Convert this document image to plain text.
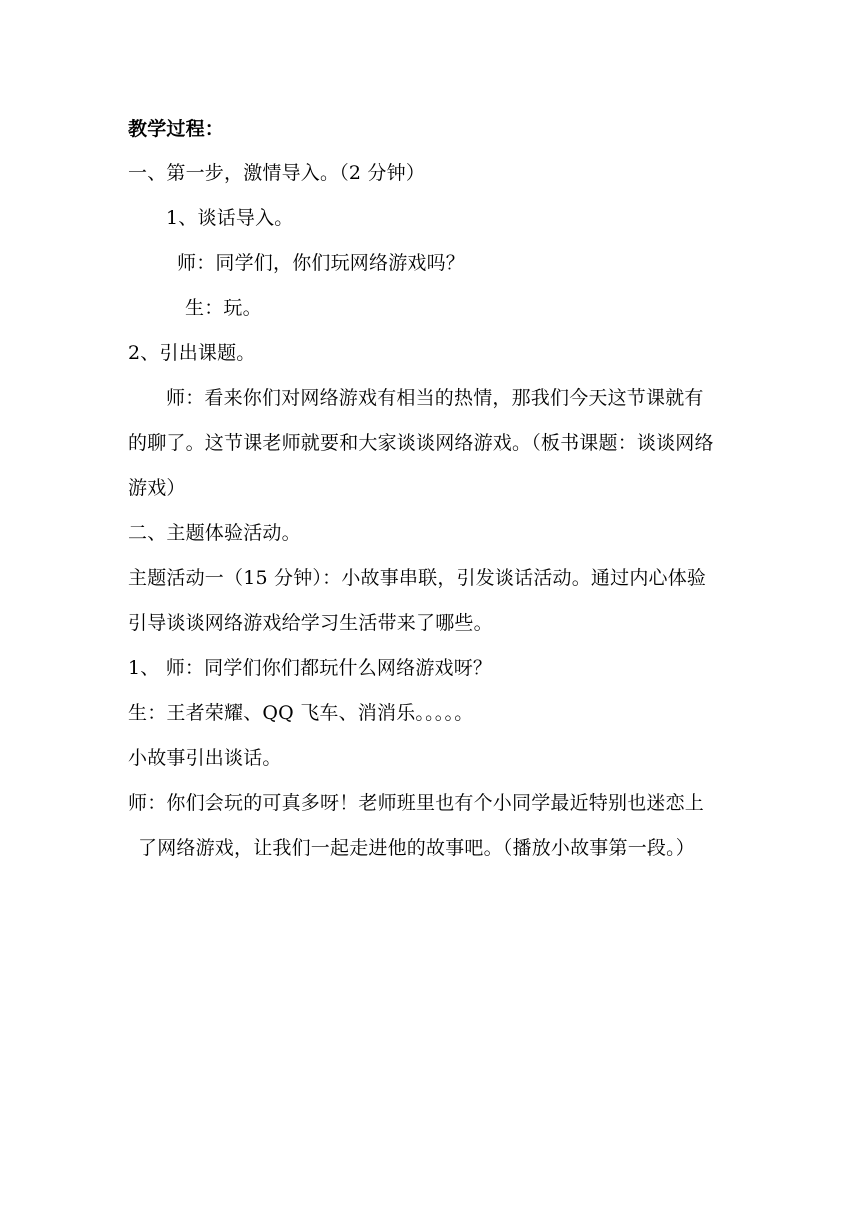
教学过程：
一、第一步，激情导入。（2 分钟）
1、谈话导入。
师：同学们，你们玩网络游戏吗？
生：玩。
2、引出课题。
师：看来你们对网络游戏有相当的热情，那我们今天这节课就有
的聊了。这节课老师就要和大家谈谈网络游戏。（板书课题：谈谈网络
游戏）
二、主题体验活动。
主题活动一（15 分钟）：小故事串联，引发谈话活动。通过内心体验
引导谈谈网络游戏给学习生活带来了哪些。
1、 师：同学们你们都玩什么网络游戏呀？
生：王者荣耀、QQ 飞车、消消乐。。。。。
小故事引出谈话。
师：你们会玩的可真多呀！老师班里也有个小同学最近特别也迷恋上
了网络游戏，让我们一起走进他的故事吧。（播放小故事第一段。）
